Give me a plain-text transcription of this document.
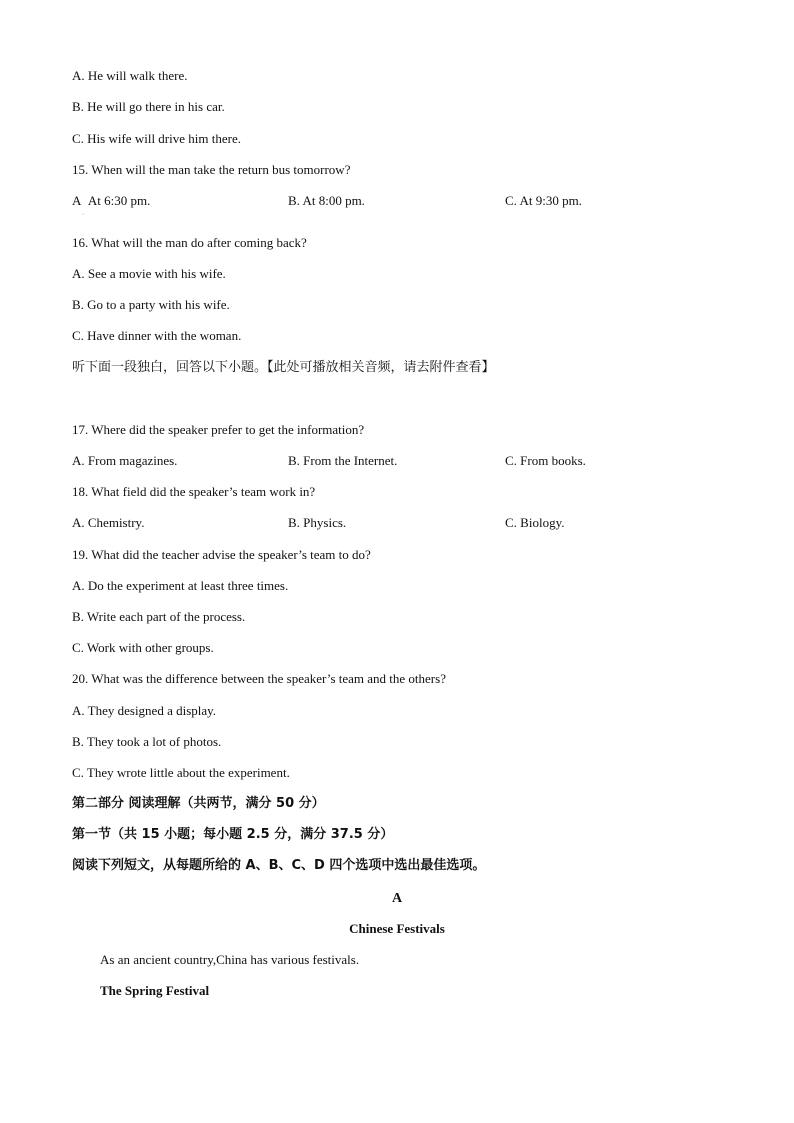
A. He will walk there.
B. He will go there in his car.
C. His wife will drive him there.
15. When will the man take the return bus tomorrow?
A  At 6:30 pm.	B. At 8:00 pm.	C. At 9:30 pm.
·
16. What will the man do after coming back?
A. See a movie with his wife.
B. Go to a party with his wife.
C. Have dinner with the woman.
听下面一段独白，回答以下小题。【此处可播放相关音频，请去附件查看】
17. Where did the speaker prefer to get the information?
A. From magazines.	B. From the Internet.	C. From books.
18. What field did the speaker’s team work in?
A. Chemistry.	B. Physics.	C. Biology.
19. What did the teacher advise the speaker’s team to do?
A. Do the experiment at least three times.
B. Write each part of the process.
C. Work with other groups.
20. What was the difference between the speaker’s team and the others?
A. They designed a display.
B. They took a lot of photos.
C. They wrote little about the experiment.
第二部分 阅读理解（共两节，满分 50 分）
第一节（共 15 小题；每小题 2.5 分，满分 37.5 分）
阅读下列短文，从每题所给的 A、B、C、D 四个选项中选出最佳选项。
A
Chinese Festivals
As an ancient country,China has various festivals.
The Spring Festival
